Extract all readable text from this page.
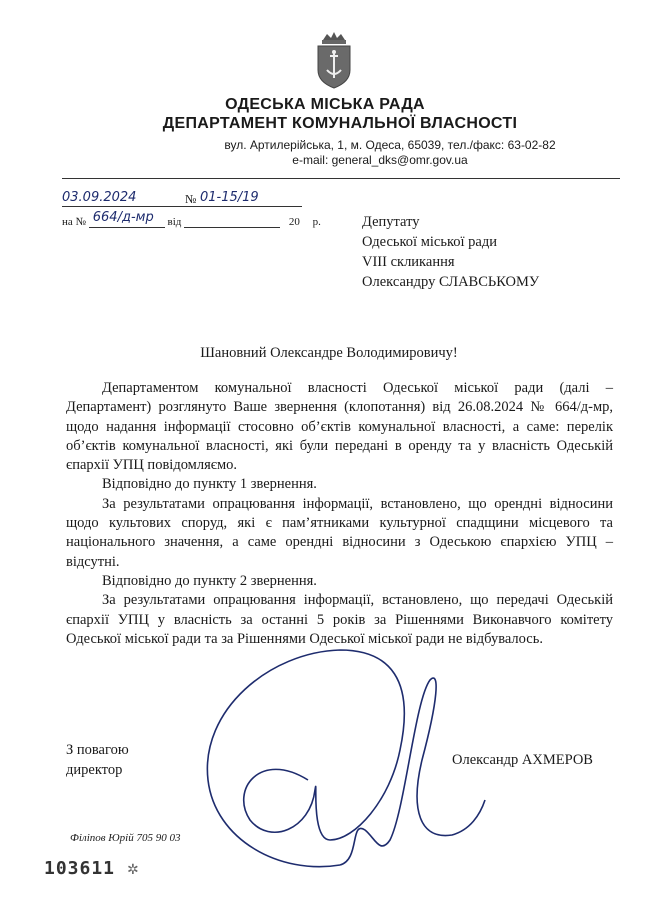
ОДЕСЬКА МІСЬКА РАДА
ДЕПАРТАМЕНТ КОМУНАЛЬНОЇ ВЛАСНОСТІ
вул. Артилерійська, 1, м. Одеса, 65039, тел./факс: 63-02-82
e-mail: general_dks@omr.gov.ua
03.09.2024	№ 01-15/19
на № 664/д-мр від	20 р.	Депутату
Одеської міської ради
VIII скликання
Олександру СЛАВСЬКОМУ
Шановний Олександре Володимировичу!

Департаментом комунальної власності Одеської міської ради (далі – Департамент) розглянуто Ваше звернення (клопотання) від 26.08.2024 № 664/д-мр, щодо надання інформації стосовно об’єктів комунальної власності, а саме: перелік об’єктів комунальної власності, які були передані в оренду та у власність Одеській єпархії УПЦ повідомляємо.

Відповідно до пункту 1 звернення.

За результатами опрацювання інформації, встановлено, що орендні відносини щодо культових споруд, які є пам’ятниками культурної спадщини місцевого та національного значення, а саме орендні відносини з Одеською єпархією УПЦ – відсутні.

Відповідно до пункту 2 звернення.

За результатами опрацювання інформації, встановлено, що передачі Одеській єпархії УПЦ у власність за останні 5 років за Рішеннями Виконавчого комітету Одеської міської ради та за Рішеннями Одеської міської ради не відбувалось.

З повагою
директор
Олександр АХМЕРОВ
Філіпов Юрій 705 90 03
103611 ✲
